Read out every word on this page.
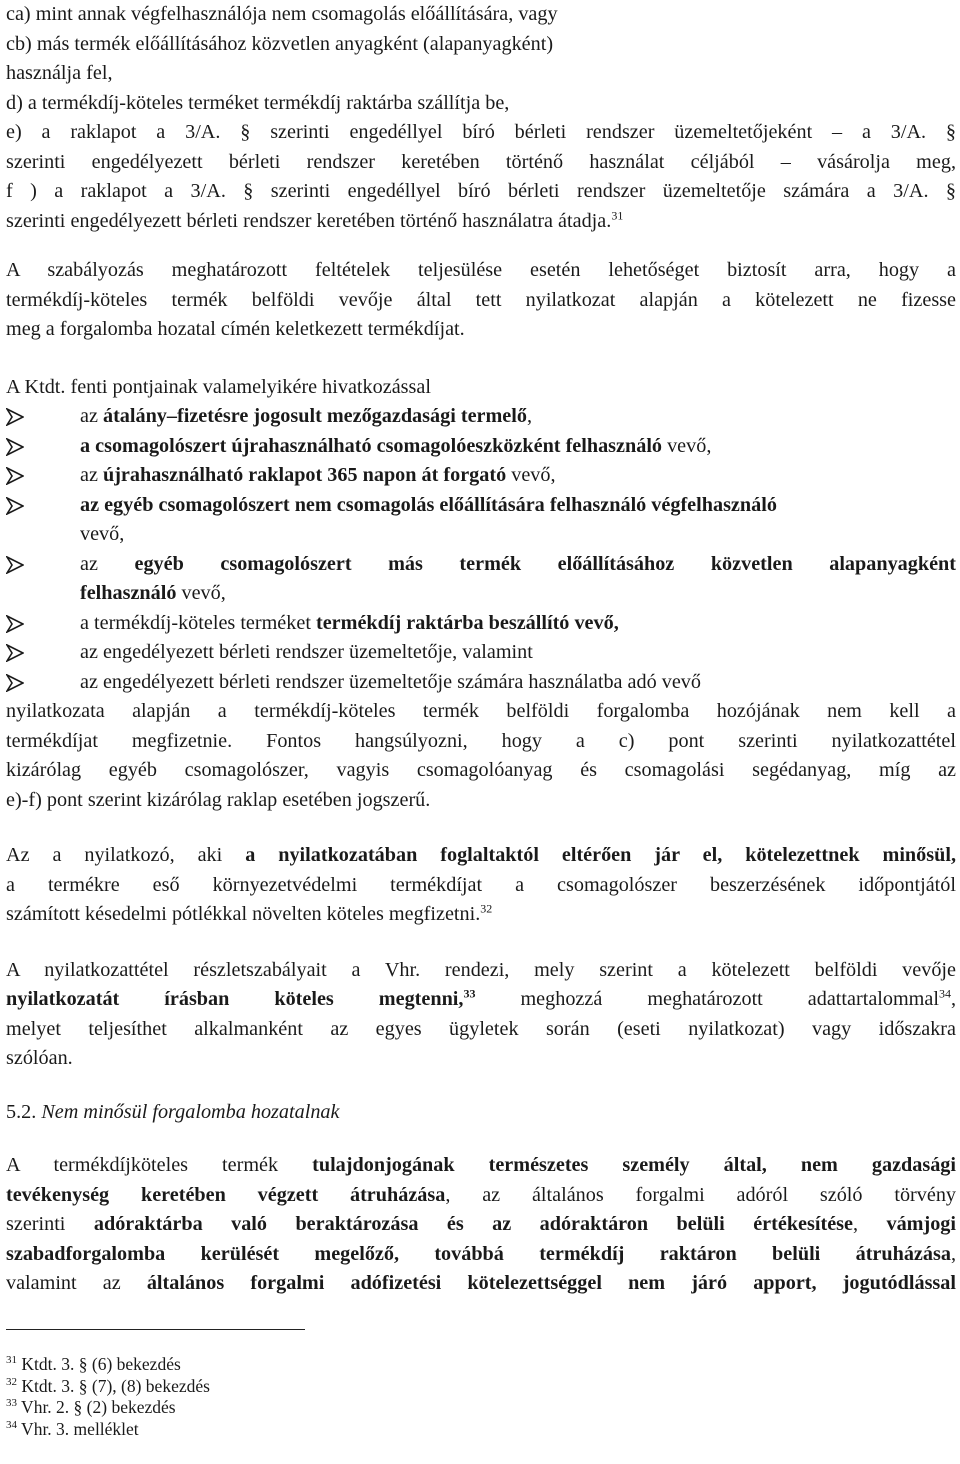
ca) mint annak végfelhasználója nem csomagolás előállítására, vagy
cb) más termék előállításához közvetlen anyagként (alapanyagként)
használja fel,
d) a termékdíj-köteles terméket termékdíj raktárba szállítja be,
e) a raklapot a 3/A. § szerinti engedéllyel bíró bérleti rendszer üzemeltetőjeként – a 3/A. §
szerinti engedélyezett bérleti rendszer keretében történő használat céljából – vásárolja meg,
f ) a raklapot a 3/A. § szerinti engedéllyel bíró bérleti rendszer üzemeltetője számára a 3/A. §
szerinti engedélyezett bérleti rendszer keretében történő használatra átadja.$^{31}$
A szabályozás meghatározott feltételek teljesülése esetén lehetőséget biztosít arra, hogy a
termékdíj-köteles termék belföldi vevője által tett nyilatkozat alapján a kötelezett ne fizesse
meg a forgalomba hozatal címén keletkezett termékdíjat.
A Ktdt. fenti pontjainak valamelyikére hivatkozással
az átalány–fizetésre jogosult mezőgazdasági termelő,
a csomagolószert újrahasználható csomagolóeszközként felhasználó vevő,
az újrahasználható raklapot 365 napon át forgató vevő,
az egyéb csomagolószert nem csomagolás előállítására felhasználó végfelhasználó
vevő,
az egyéb csomagolószert más termék előállításához közvetlen alapanyagként
felhasználó vevő,
a termékdíj-köteles terméket termékdíj raktárba beszállító vevő,
az engedélyezett bérleti rendszer üzemeltetője, valamint
az engedélyezett bérleti rendszer üzemeltetője számára használatba adó vevő
nyilatkozata alapján a termékdíj-köteles termék belföldi forgalomba hozójának nem kell a
termékdíjat megfizetnie. Fontos hangsúlyozni, hogy a c) pont szerinti nyilatkozattétel
kizárólag egyéb csomagolószer, vagyis csomagolóanyag és csomagolási segédanyag, míg az
e)-f) pont szerint kizárólag raklap esetében jogszerű.
Az a nyilatkozó, aki a nyilatkozatában foglaltaktól eltérően jár el, kötelezettnek minősül,
a termékre eső környezetvédelmi termékdíjat a csomagolószer beszerzésének időpontjától
számított késedelmi pótlékkal növelten köteles megfizetni.$^{32}$
A nyilatkozattétel részletszabályait a Vhr. rendezi, mely szerint a kötelezett belföldi vevője
nyilatkozatát írásban köteles megtenni,$^{33}$ meghozzá meghatározott adattartalommal$^{34}$,
melyet teljesíthet alkalmanként az egyes ügyletek során (eseti nyilatkozat) vagy időszakra
szólóan.
5.2. Nem minősül forgalomba hozatalnak
A termékdíjköteles termék tulajdonjogának természetes személy által, nem gazdasági
tevékenység keretében végzett átruházása, az általános forgalmi adóról szóló törvény
szerinti adóraktárba való beraktározása és az adóraktáron belüli értékesítése, vámjogi
szabadforgalomba kerülését megelőző, továbbá termékdíj raktáron belüli átruházása,
valamint az általános forgalmi adófizetési kötelezettséggel nem járó apport, jogutódlással
$^{31}$ Ktdt. 3. § (6) bekezdés
$^{32}$ Ktdt. 3. § (7), (8) bekezdés
$^{33}$ Vhr. 2. § (2) bekezdés
$^{34}$ Vhr. 3. melléklet
